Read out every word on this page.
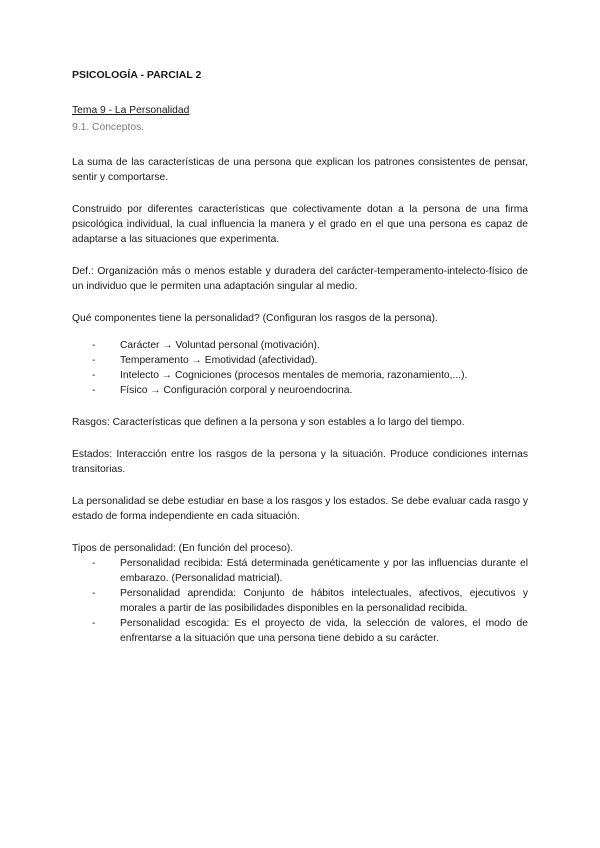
PSICOLOGÍA - PARCIAL 2
Tema 9 - La Personalidad
9.1. Conceptos.

La suma de las características de una persona que explican los patrones consistentes de pensar, sentir y comportarse.

Construido por diferentes características que colectivamente dotan a la persona de una firma psicológica individual, la cual influencia la manera y el grado en el que una persona es capaz de adaptarse a las situaciones que experimenta.

Def.: Organización más o menos estable y duradera del carácter-temperamento-intelecto-físico de un individuo que le permiten una adaptación singular al medio.

Qué componentes tiene la personalidad? (Configuran los rasgos de la persona).

- Carácter → Voluntad personal (motivación).
- Temperamento → Emotividad (afectividad).
- Intelecto → Cogniciones (procesos mentales de memoria, razonamiento,...).
- Físico → Configuración corporal y neuroendocrina.

Rasgos: Características que definen a la persona y son estables a lo largo del tiempo.

Estados: Interacción entre los rasgos de la persona y la situación. Produce condiciones internas transitorias.

La personalidad se debe estudiar en base a los rasgos y los estados. Se debe evaluar cada rasgo y estado de forma independiente en cada situación.

Tipos de personalidad: (En función del proceso).

- Personalidad recibida: Está determinada genéticamente y por las influencias durante el embarazo. (Personalidad matricial).
- Personalidad aprendida: Conjunto de hábitos intelectuales, afectivos, ejecutivos y morales a partir de las posibilidades disponibles en la personalidad recibida.
- Personalidad escogida: Es el proyecto de vida, la selección de valores, el modo de enfrentarse a la situación que una persona tiene debido a su carácter.
